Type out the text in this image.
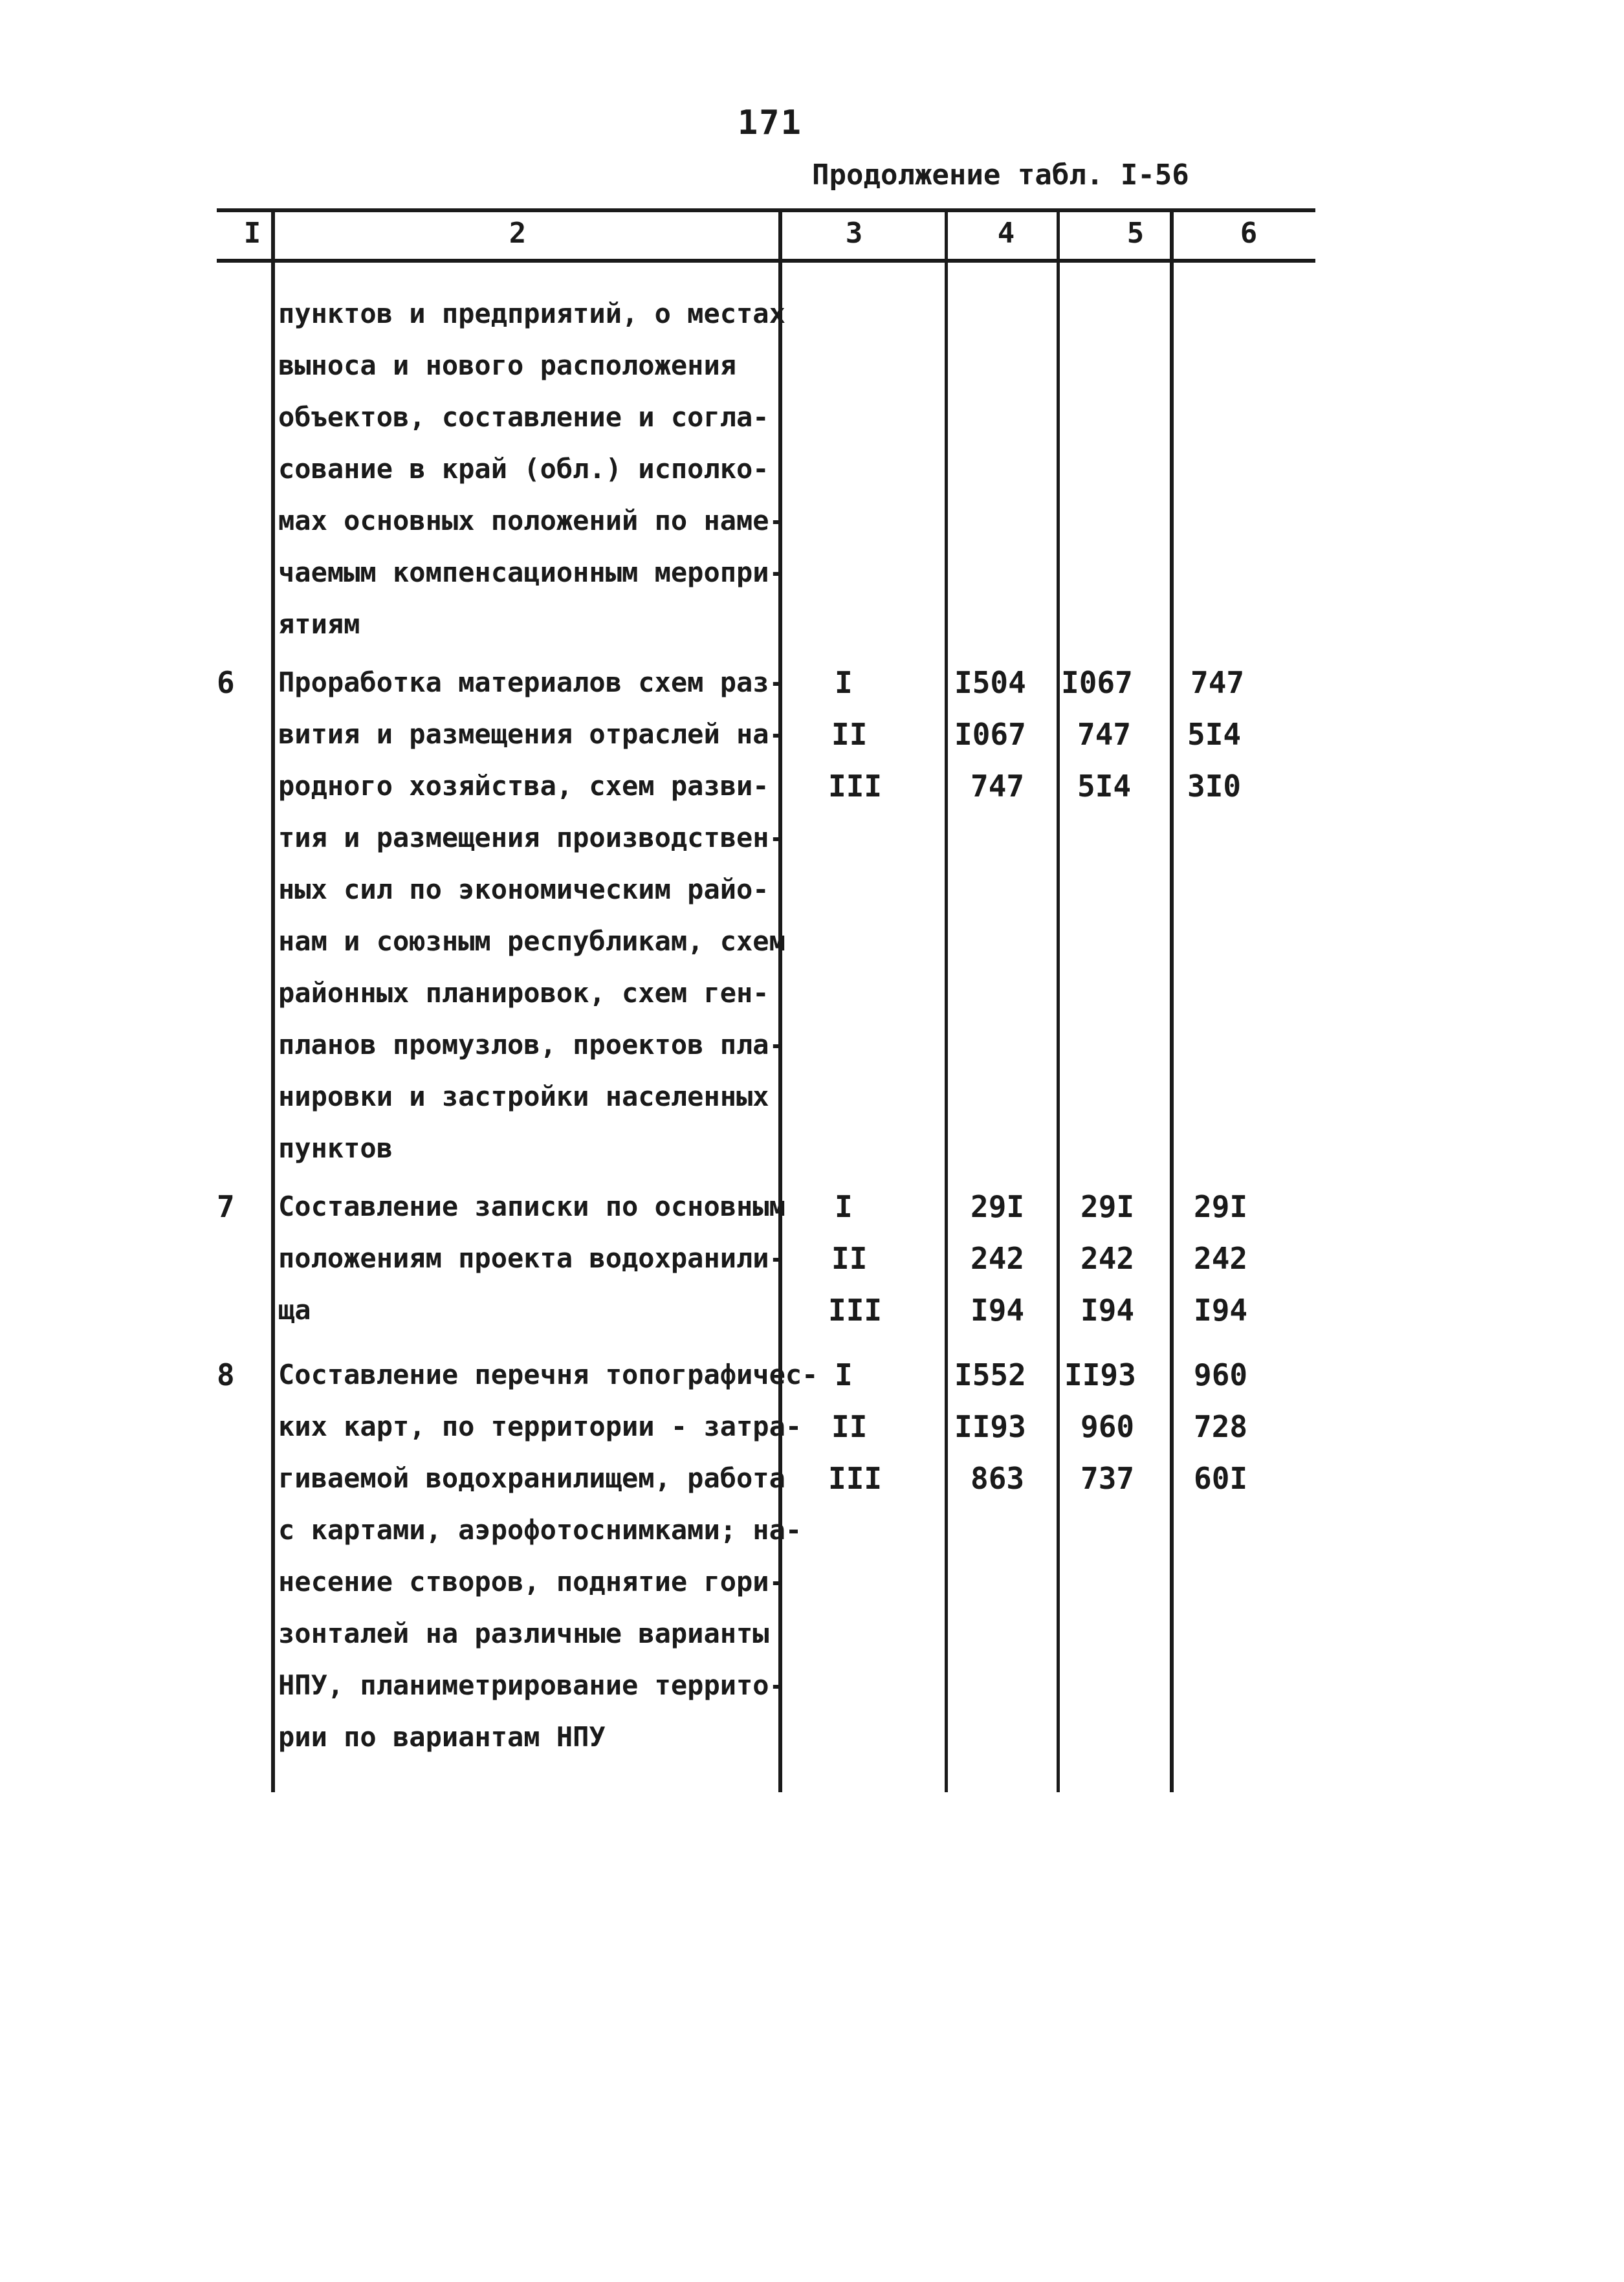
171
Продолжение табл. I-56
I	2	3	4	5	6
пунктов и предприятий, о местах
выноса и нового расположения
объектов, составление и согла-
сование в край (обл.) исполко-
мах основных положений по наме-
чаемым компенсационным меропри-
ятиям
6 Проработка материалов схем раз-
вития и размещения отраслей на-
родного хозяйства, схем разви-
тия и размещения производствен-
ных сил по экономическим райо-
нам и союзным республикам, схем
районных планировок, схем ген-
планов промузлов, проектов пла-
нировки и застройки населенных
пунктов
I	I504 I067 747
II	I067 747 5I4
III	747 5I4 3I0
7 Составление записки по основным
положениям проекта водохранили-
ща
I	29I 29I 29I
II	242 242 242
III	I94 I94 I94
8 Составление перечня топографичес-
ких карт, по территории - затра-
гиваемой водохранилищем, работа
с картами, аэрофотоснимками; на-
несение створов, поднятие гори-
зонталей на различные варианты
НПУ, планиметрирование террито-
рии по вариантам НПУ
I	I552 II93 960
II	II93 960 728
III	863 737 60I
